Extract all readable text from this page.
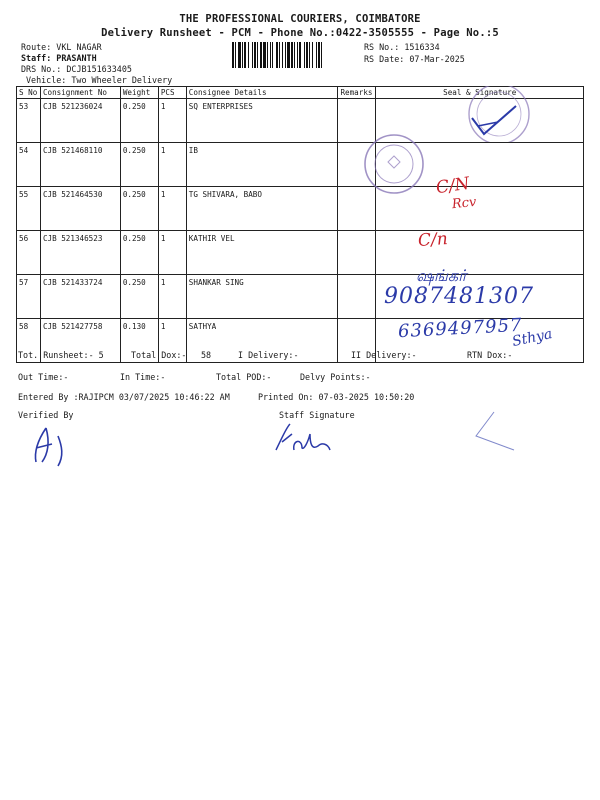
THE PROFESSIONAL COURIERS, COIMBATORE
Delivery Runsheet - PCM - Phone No.:0422-3505555 - Page No.:5
Route: VKL NAGAR
Staff: PRASANTH
DRS No.: DCJB151633405
Vehicle: Two Wheeler Delivery
RS No.: 1516334
RS Date: 07-Mar-2025
S No	Consignment No	Weight	PCS	Consignee Details	Remarks	Seal & Signature
53	CJB 521236024	0.250	1	SQ ENTERPRISES		
54	CJB 521468110	0.250	1	IB		
55	CJB 521464530	0.250	1	TG SHIVARA, BABO		
56	CJB 521346523	0.250	1	KATHIR VEL		
57	CJB 521433724	0.250	1	SHANKAR SING		
58	CJB 521427758	0.130	1	SATHYA		
C/N
Rcv
C/n
ஷங்கர்
9087481307
6369497957
Sthya
Tot. Runsheet:- 5	Total Dox:- 58	I Delivery:-	II Delivery:-	RTN Dox:-
Out Time:-	In Time:-	Total POD:-	Delvy Points:-
Entered By :RAJIPCM 03/07/2025 10:46:22 AM	Printed On: 07-03-2025 10:50:20
Verified By	Staff Signature
